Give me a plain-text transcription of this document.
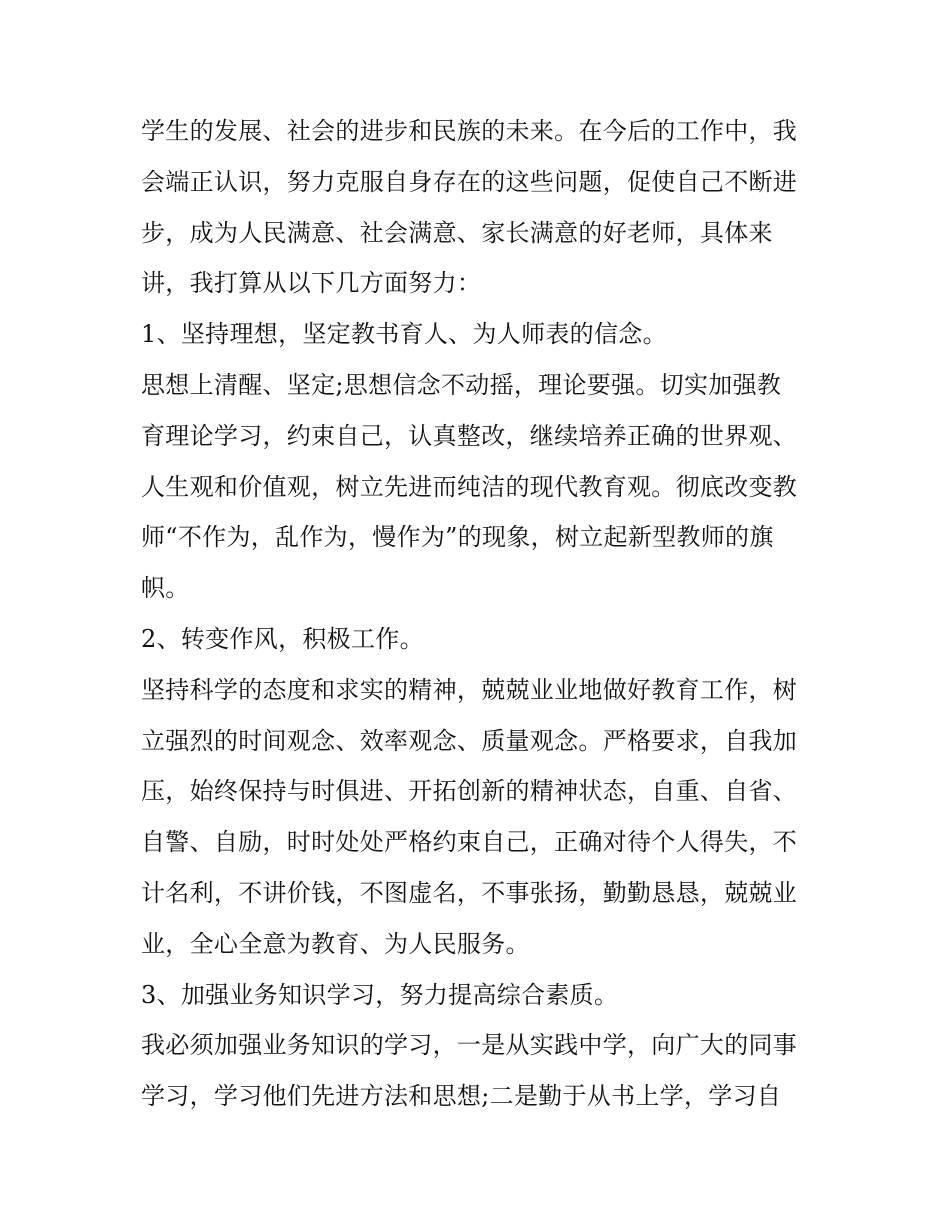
学生的发展、社会的进步和民族的未来。在今后的工作中，我
会端正认识，努力克服自身存在的这些问题，促使自己不断进
步，成为人民满意、社会满意、家长满意的好老师，具体来
讲，我打算从以下几方面努力：
1、坚持理想，坚定教书育人、为人师表的信念。
思想上清醒、坚定;思想信念不动摇，理论要强。切实加强教
育理论学习，约束自己，认真整改，继续培养正确的世界观、
人生观和价值观，树立先进而纯洁的现代教育观。彻底改变教
师“不作为，乱作为，慢作为”的现象，树立起新型教师的旗
帜。
2、转变作风，积极工作。
坚持科学的态度和求实的精神，兢兢业业地做好教育工作，树
立强烈的时间观念、效率观念、质量观念。严格要求，自我加
压，始终保持与时俱进、开拓创新的精神状态，自重、自省、
自警、自励，时时处处严格约束自己，正确对待个人得失，不
计名利，不讲价钱，不图虚名，不事张扬，勤勤恳恳，兢兢业
业，全心全意为教育、为人民服务。
3、加强业务知识学习，努力提高综合素质。
我必须加强业务知识的学习，一是从实践中学，向广大的同事
学习，学习他们先进方法和思想;二是勤于从书上学，学习自
